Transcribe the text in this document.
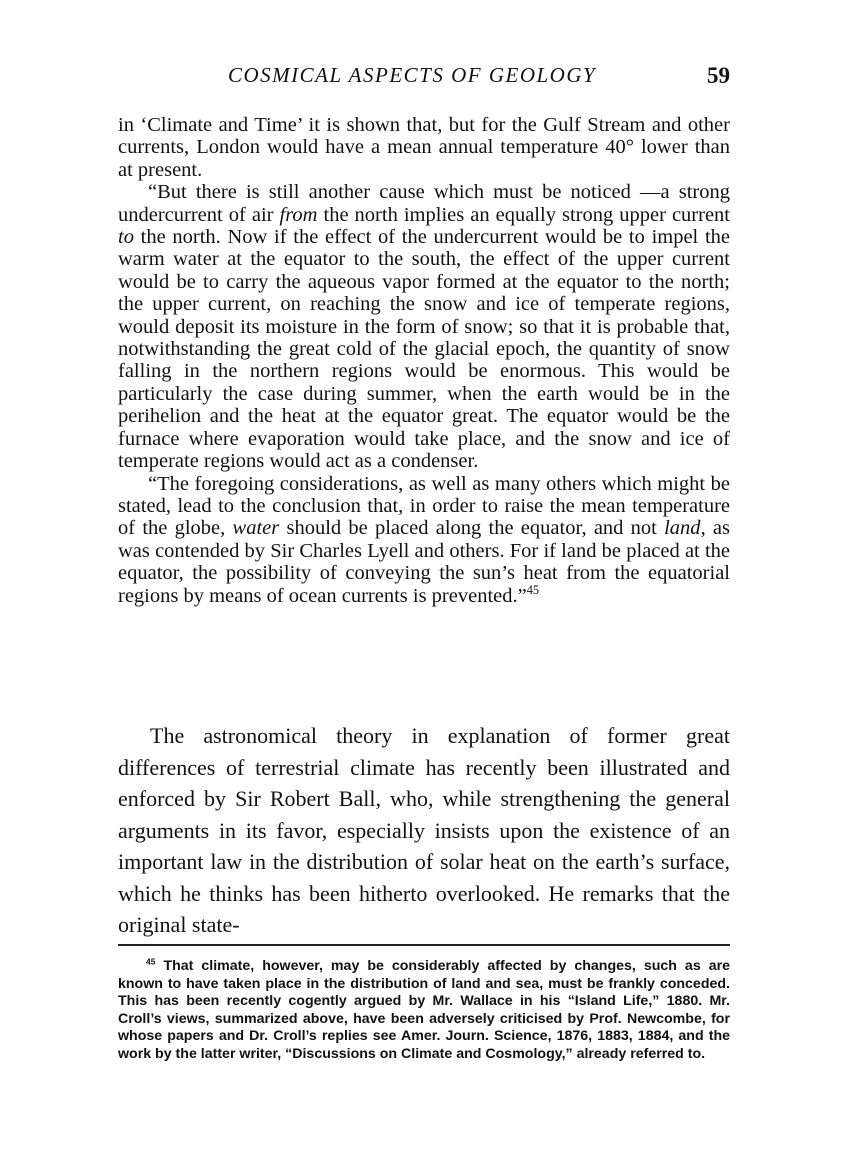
COSMICAL ASPECTS OF GEOLOGY	59

in ‘Climate and Time’ it is shown that, but for the Gulf Stream and other currents, London would have a mean annual temperature 40° lower than at present.

“But there is still another cause which must be noticed —a strong undercurrent of air from the north implies an equally strong upper current to the north. Now if the effect of the undercurrent would be to impel the warm water at the equator to the south, the effect of the upper current would be to carry the aqueous vapor formed at the equator to the north; the upper current, on reaching the snow and ice of temperate regions, would deposit its moisture in the form of snow; so that it is probable that, notwithstanding the great cold of the glacial epoch, the quantity of snow falling in the northern regions would be enormous. This would be particularly the case during summer, when the earth would be in the perihelion and the heat at the equator great. The equator would be the furnace where evaporation would take place, and the snow and ice of temperate regions would act as a condenser.

“The foregoing considerations, as well as many others which might be stated, lead to the conclusion that, in order to raise the mean temperature of the globe, water should be placed along the equator, and not land, as was contended by Sir Charles Lyell and others. For if land be placed at the equator, the possibility of conveying the sun’s heat from the equatorial regions by means of ocean currents is prevented.”$^{45}$

The astronomical theory in explanation of former great differences of terrestrial climate has recently been illustrated and enforced by Sir Robert Ball, who, while strengthening the general arguments in its favor, especially insists upon the existence of an important law in the distribution of solar heat on the earth’s surface, which he thinks has been hitherto overlooked. He remarks that the original state-

$^{45}$ That climate, however, may be considerably affected by changes, such as are known to have taken place in the distribution of land and sea, must be frankly conceded. This has been recently cogently argued by Mr. Wallace in his “Island Life,” 1880. Mr. Croll’s views, summarized above, have been adversely criticised by Prof. Newcombe, for whose papers and Dr. Croll’s replies see Amer. Journ. Science, 1876, 1883, 1884, and the work by the latter writer, “Discussions on Climate and Cosmology,” already referred to.
